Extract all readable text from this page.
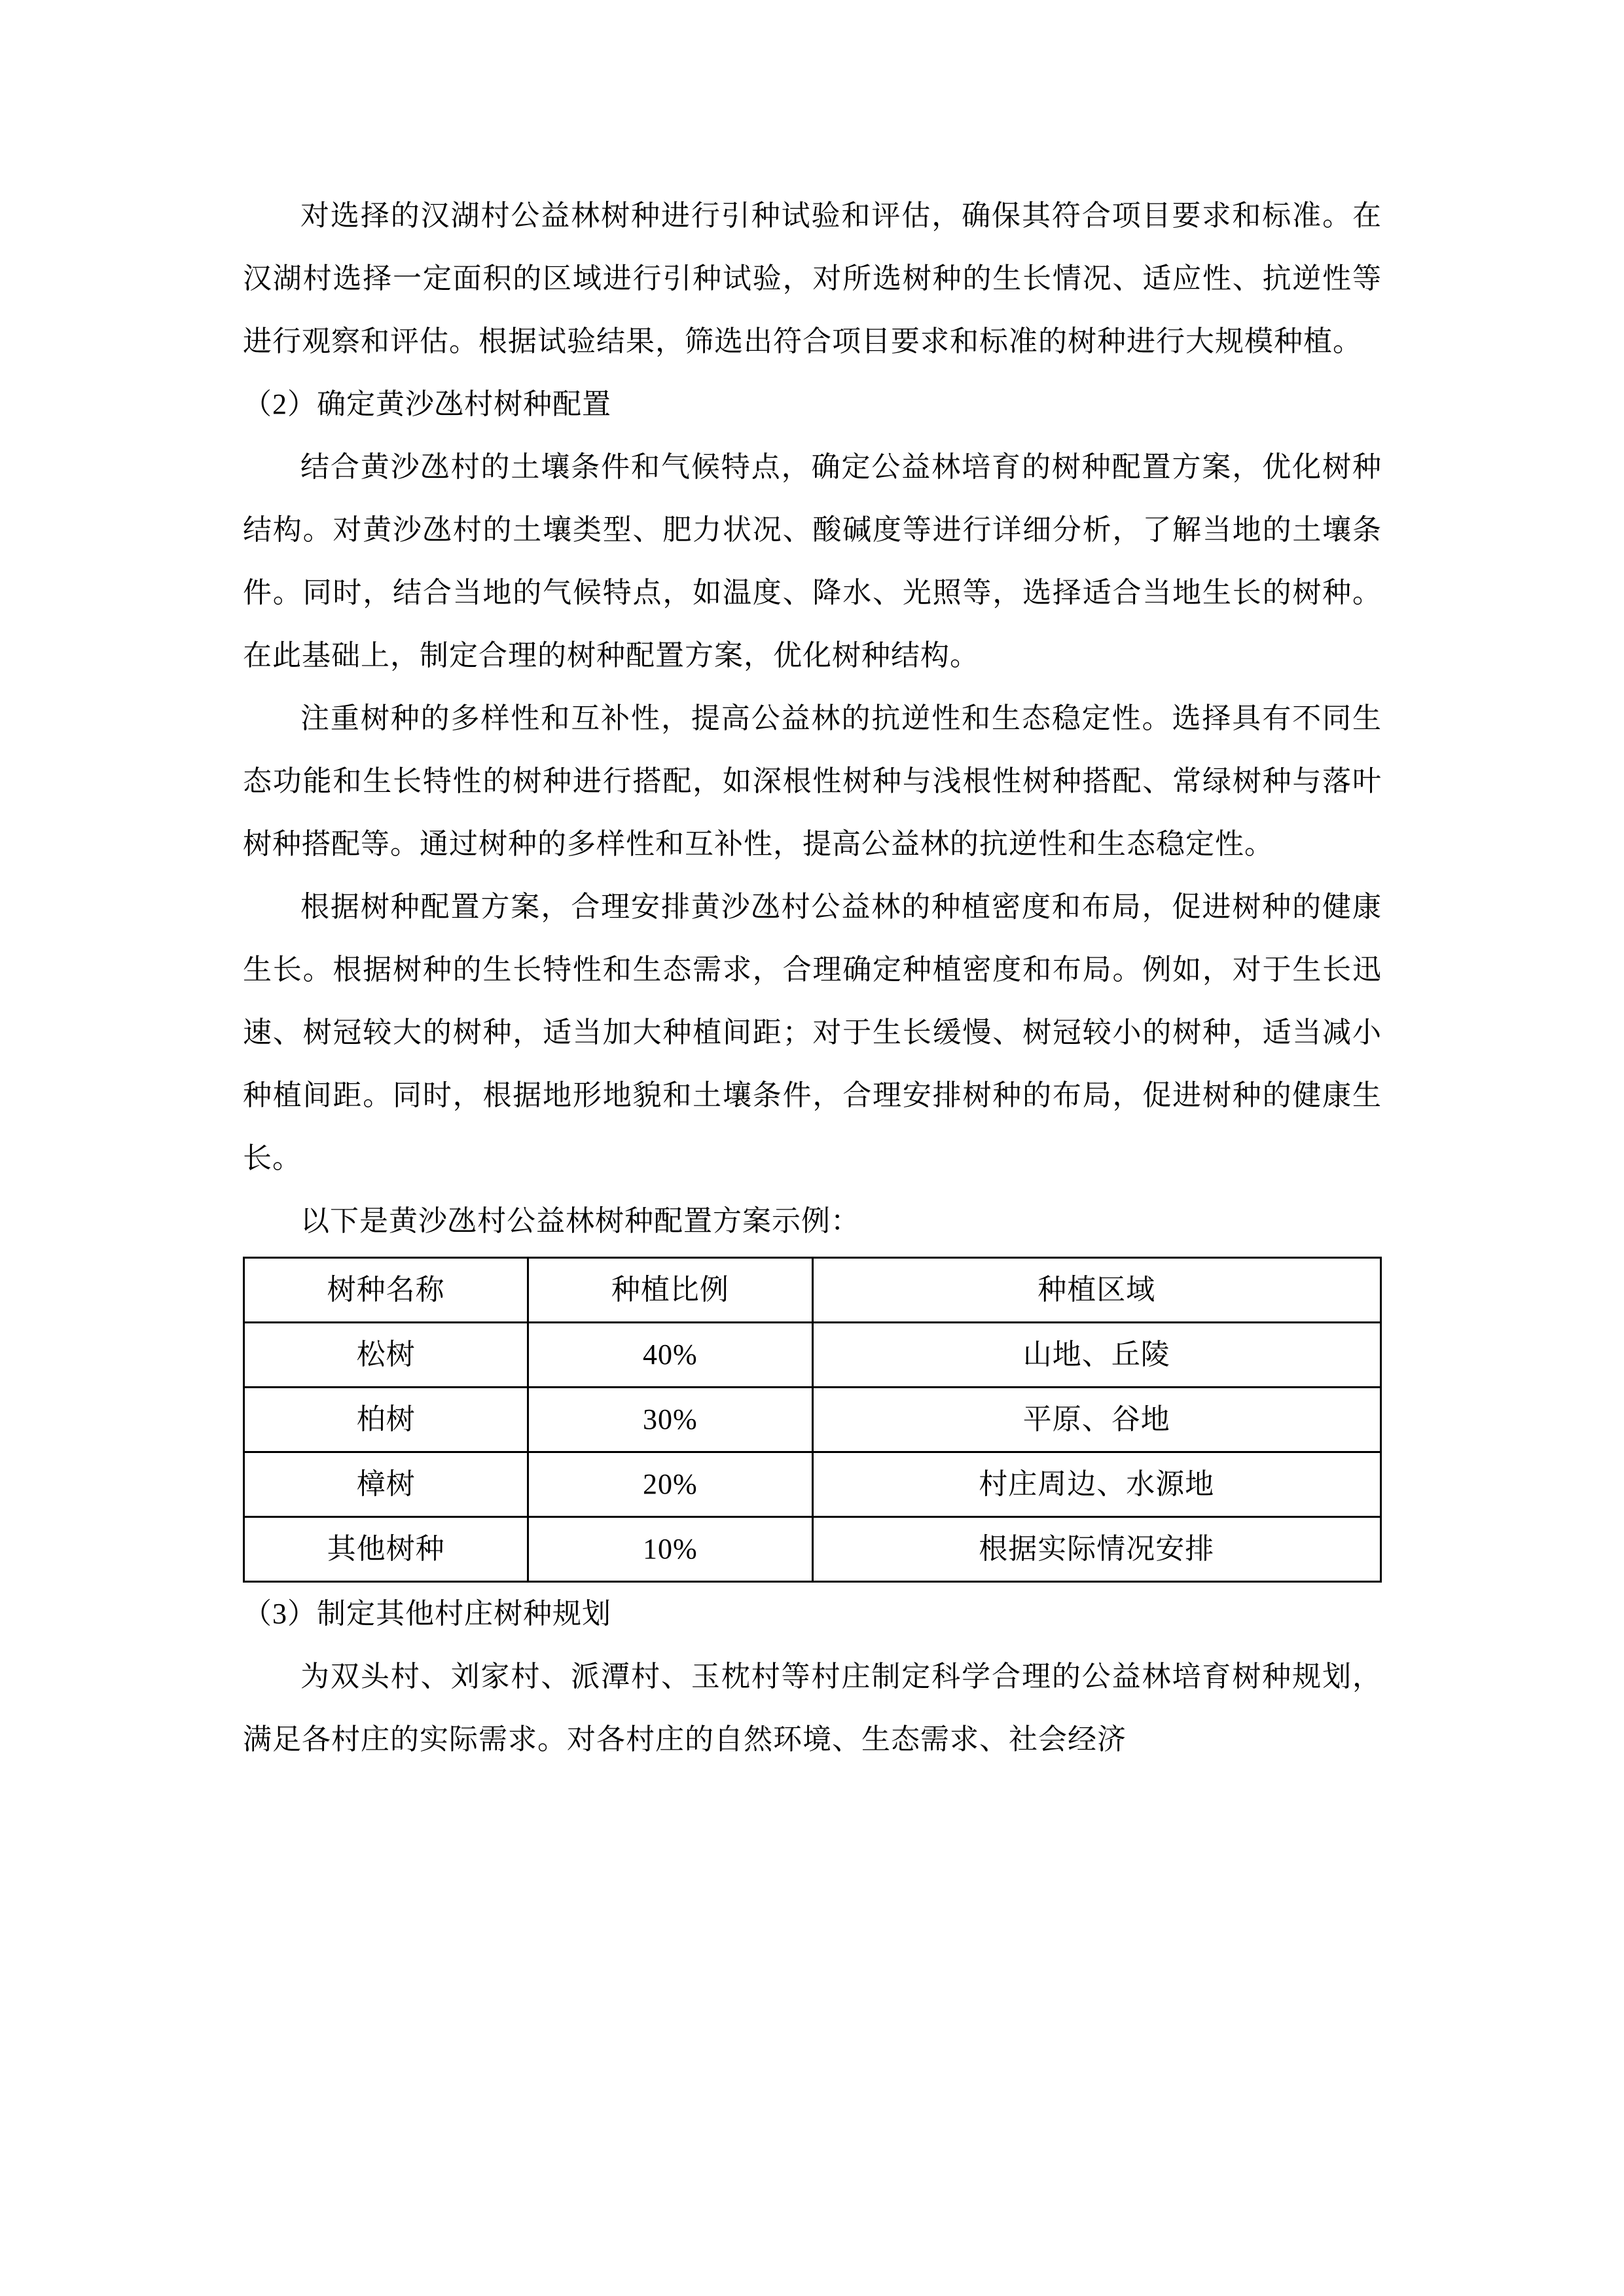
对选择的汉湖村公益林树种进行引种试验和评估，确保其符合项目要求和标准。在汉湖村选择一定面积的区域进行引种试验，对所选树种的生长情况、适应性、抗逆性等进行观察和评估。根据试验结果，筛选出符合项目要求和标准的树种进行大规模种植。

（2）确定黄沙氹村树种配置

结合黄沙氹村的土壤条件和气候特点，确定公益林培育的树种配置方案，优化树种结构。对黄沙氹村的土壤类型、肥力状况、酸碱度等进行详细分析，了解当地的土壤条件。同时，结合当地的气候特点，如温度、降水、光照等，选择适合当地生长的树种。在此基础上，制定合理的树种配置方案，优化树种结构。

注重树种的多样性和互补性，提高公益林的抗逆性和生态稳定性。选择具有不同生态功能和生长特性的树种进行搭配，如深根性树种与浅根性树种搭配、常绿树种与落叶树种搭配等。通过树种的多样性和互补性，提高公益林的抗逆性和生态稳定性。

根据树种配置方案，合理安排黄沙氹村公益林的种植密度和布局，促进树种的健康生长。根据树种的生长特性和生态需求，合理确定种植密度和布局。例如，对于生长迅速、树冠较大的树种，适当加大种植间距；对于生长缓慢、树冠较小的树种，适当减小种植间距。同时，根据地形地貌和土壤条件，合理安排树种的布局，促进树种的健康生长。

以下是黄沙氹村公益林树种配置方案示例：

树种名称	种植比例	种植区域
松树	40%	山地、丘陵
柏树	30%	平原、谷地
樟树	20%	村庄周边、水源地
其他树种	10%	根据实际情况安排

（3）制定其他村庄树种规划

为双头村、刘家村、派潭村、玉枕村等村庄制定科学合理的公益林培育树种规划，满足各村庄的实际需求。对各村庄的自然环境、生态需求、社会经济
